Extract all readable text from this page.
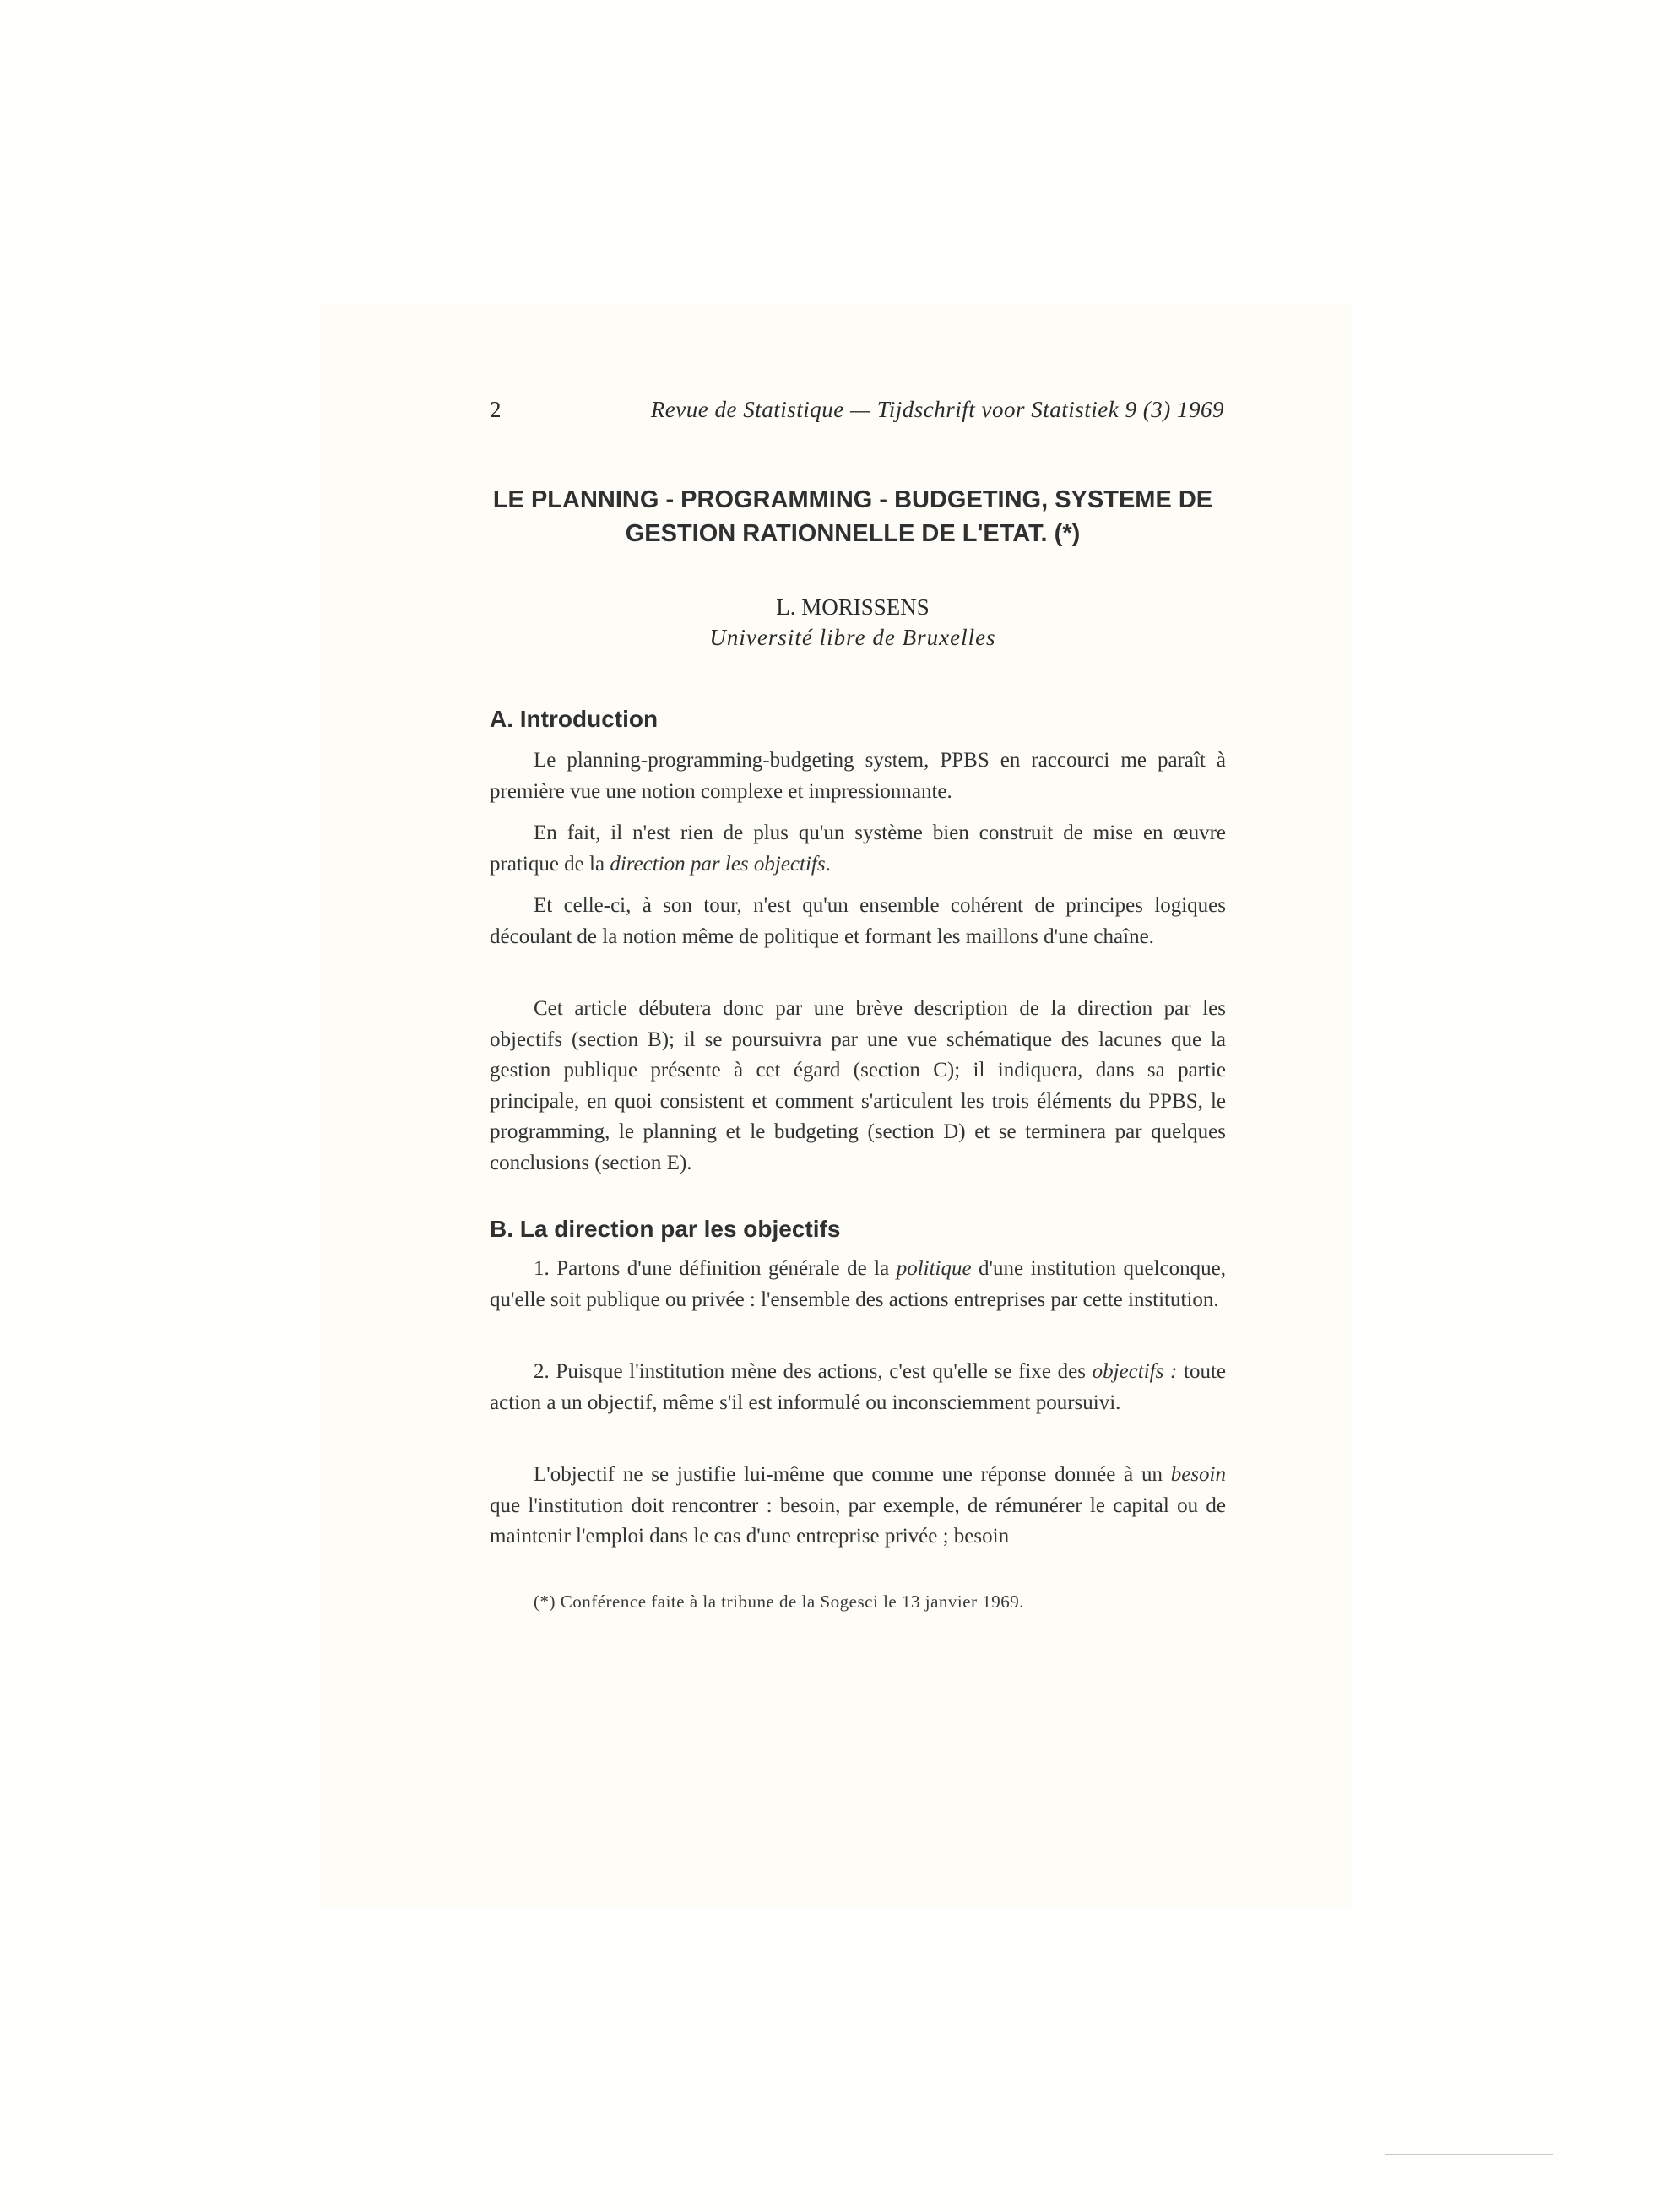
2	Revue de Statistique — Tijdschrift voor Statistiek 9 (3) 1969
LE PLANNING - PROGRAMMING - BUDGETING, SYSTEME DE
GESTION RATIONNELLE DE L'ETAT. (*)
L. MORISSENS
Université libre de Bruxelles
A. Introduction

Le planning-programming-budgeting system, PPBS en raccourci me paraît à première vue une notion complexe et impressionnante.

En fait, il n'est rien de plus qu'un système bien construit de mise en œuvre pratique de la direction par les objectifs.

Et celle-ci, à son tour, n'est qu'un ensemble cohérent de principes logiques découlant de la notion même de politique et formant les maillons d'une chaîne.

Cet article débutera donc par une brève description de la direction par les objectifs (section B); il se poursuivra par une vue schématique des lacunes que la gestion publique présente à cet égard (section C); il indiquera, dans sa partie principale, en quoi consistent et comment s'articulent les trois éléments du PPBS, le programming, le planning et le budgeting (section D) et se terminera par quelques conclusions (section E).

B. La direction par les objectifs

1. Partons d'une définition générale de la politique d'une institution quelconque, qu'elle soit publique ou privée : l'ensemble des actions entreprises par cette institution.

2. Puisque l'institution mène des actions, c'est qu'elle se fixe des objectifs : toute action a un objectif, même s'il est informulé ou inconsciemment poursuivi.

L'objectif ne se justifie lui-même que comme une réponse donnée à un besoin que l'institution doit rencontrer : besoin, par exemple, de rémunérer le capital ou de maintenir l'emploi dans le cas d'une entreprise privée ; besoin

(*) Conférence faite à la tribune de la Sogesci le 13 janvier 1969.
